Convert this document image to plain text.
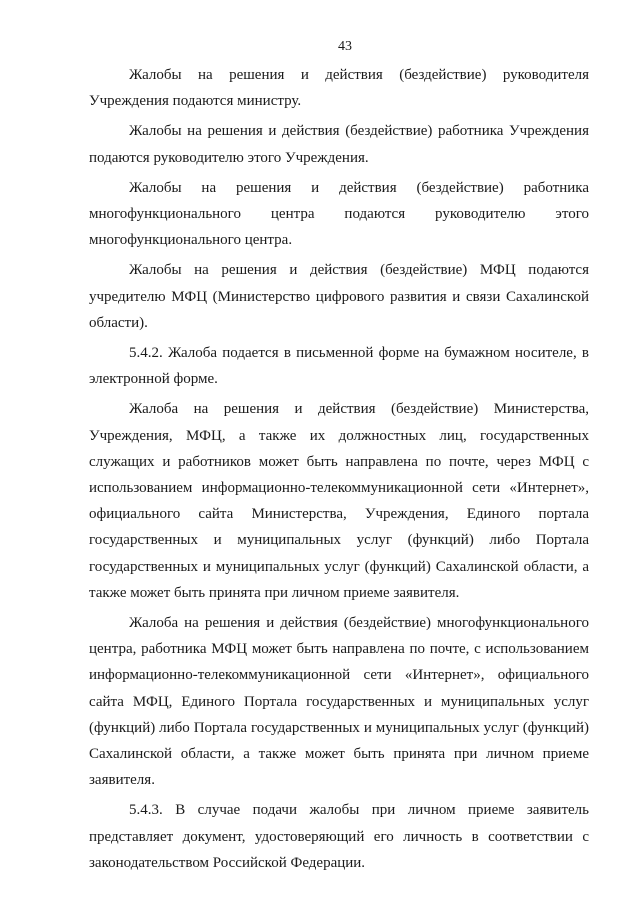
43
Жалобы на решения и действия (бездействие) руководителя
Учреждения подаются министру.
Жалобы на решения и действия (бездействие) работника Учреждения
подаются руководителю этого Учреждения.
Жалобы на решения и действия (бездействие) работника
многофункционального центра подаются руководителю этого
многофункционального центра.
Жалобы на решения и действия (бездействие) МФЦ подаются
учредителю МФЦ (Министерство цифрового развития и связи Сахалинской
области).
5.4.2. Жалоба подается в письменной форме на бумажном носителе, в
электронной форме.
Жалоба на решения и действия (бездействие) Министерства,
Учреждения, МФЦ, а также их должностных лиц, государственных
служащих и работников может быть направлена по почте, через МФЦ с
использованием информационно-телекоммуникационной сети «Интернет»,
официального сайта Министерства, Учреждения, Единого портала
государственных и муниципальных услуг (функций) либо Портала
государственных и муниципальных услуг (функций) Сахалинской области, а
также может быть принята при личном приеме заявителя.
Жалоба на решения и действия (бездействие) многофункционального
центра, работника МФЦ может быть направлена по почте, с использованием
информационно-телекоммуникационной сети «Интернет», официального
сайта МФЦ, Единого Портала государственных и муниципальных услуг
(функций) либо Портала государственных и муниципальных услуг (функций)
Сахалинской области, а также может быть принята при личном приеме
заявителя.
5.4.3. В случае подачи жалобы при личном приеме заявитель
представляет документ, удостоверяющий его личность в соответствии с
законодательством Российской Федерации.
